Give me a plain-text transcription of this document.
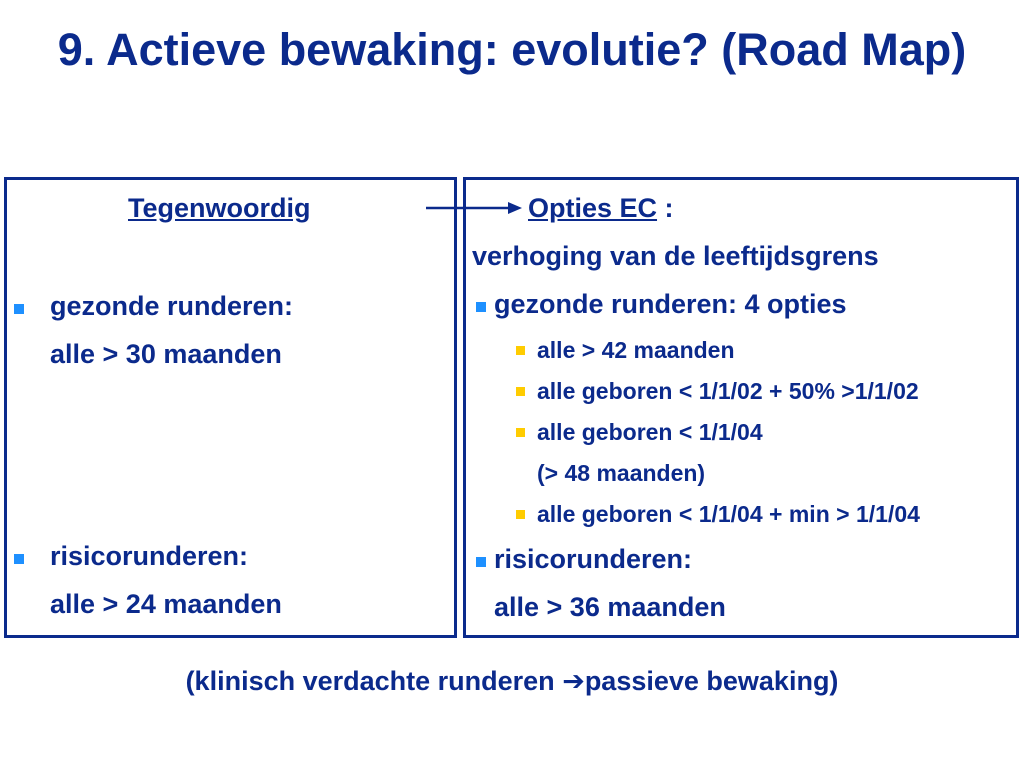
9. Actieve bewaking: evolutie? (Road Map)
Tegenwoordig
gezonde runderen:
alle > 30 maanden
risicorunderen:
alle > 24 maanden
Opties EC :
verhoging van de leeftijdsgrens
gezonde runderen: 4 opties
alle > 42 maanden
alle geboren < 1/1/02 + 50% >1/1/02
alle geboren < 1/1/04
(> 48 maanden)
alle geboren < 1/1/04 + min > 1/1/04
risicorunderen:
alle > 36 maanden
(klinisch verdachte runderen ➔passieve bewaking)
